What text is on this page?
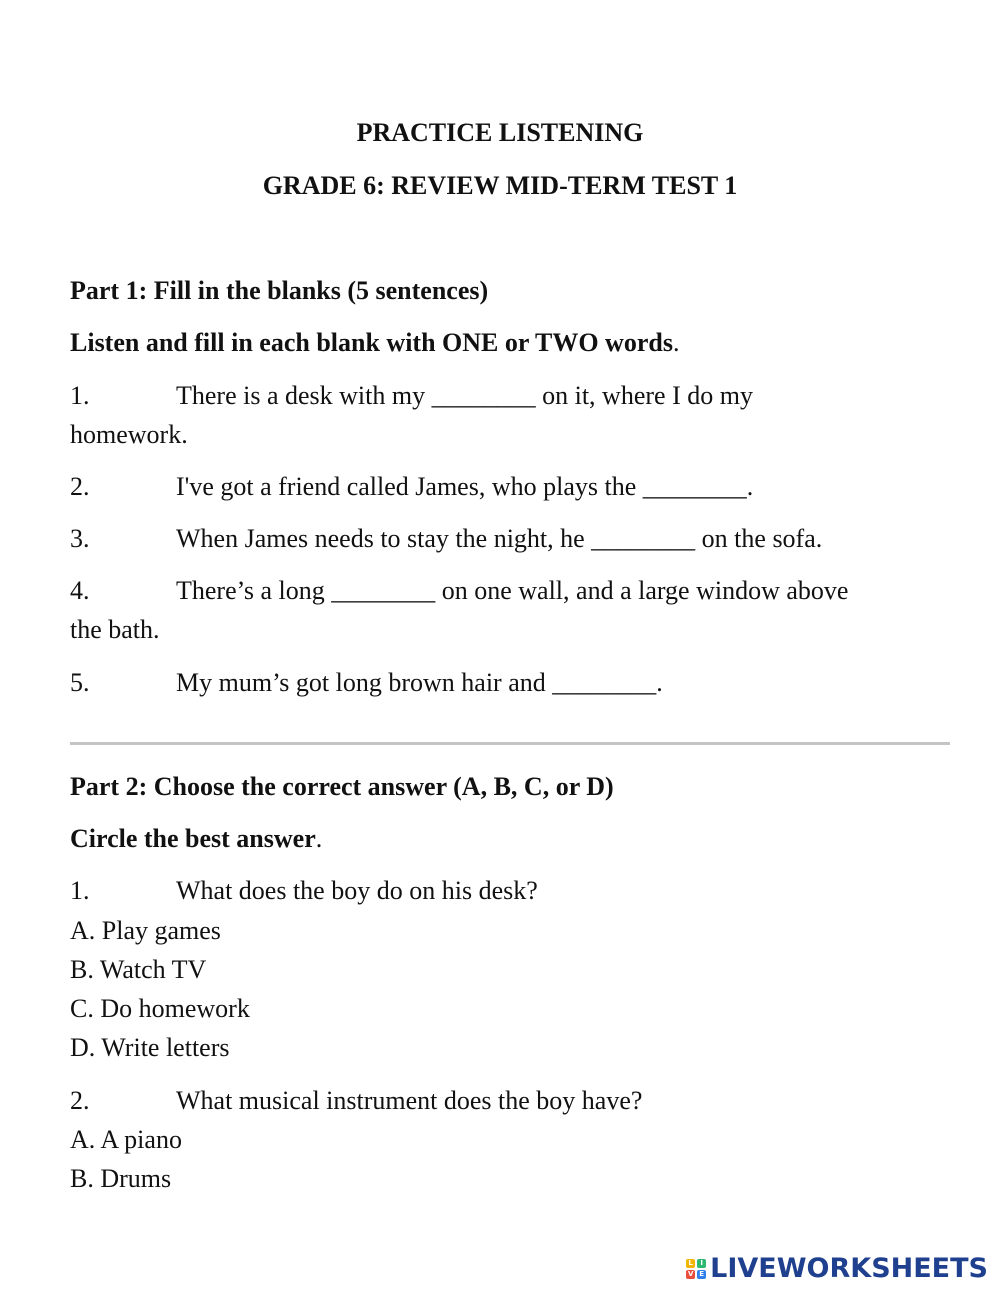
PRACTICE LISTENING
GRADE 6: REVIEW MID-TERM TEST 1

Part 1: Fill in the blanks (5 sentences)

Listen and fill in each blank with ONE or TWO words.

1.	There is a desk with my ________ on it, where I do my
homework.

2.	I've got a friend called James, who plays the ________.

3.	When James needs to stay the night, he ________ on the sofa.

4.	There’s a long ________ on one wall, and a large window above
the bath.

5.	My mum’s got long brown hair and ________.

Part 2: Choose the correct answer (A, B, C, or D)

Circle the best answer.

1.	What does the boy do on his desk?

A. Play games

B. Watch TV

C. Do homework

D. Write letters

2.	What musical instrument does the boy have?

A. A piano

B. Drums

L	I
V E LIVEWORKSHEETS
